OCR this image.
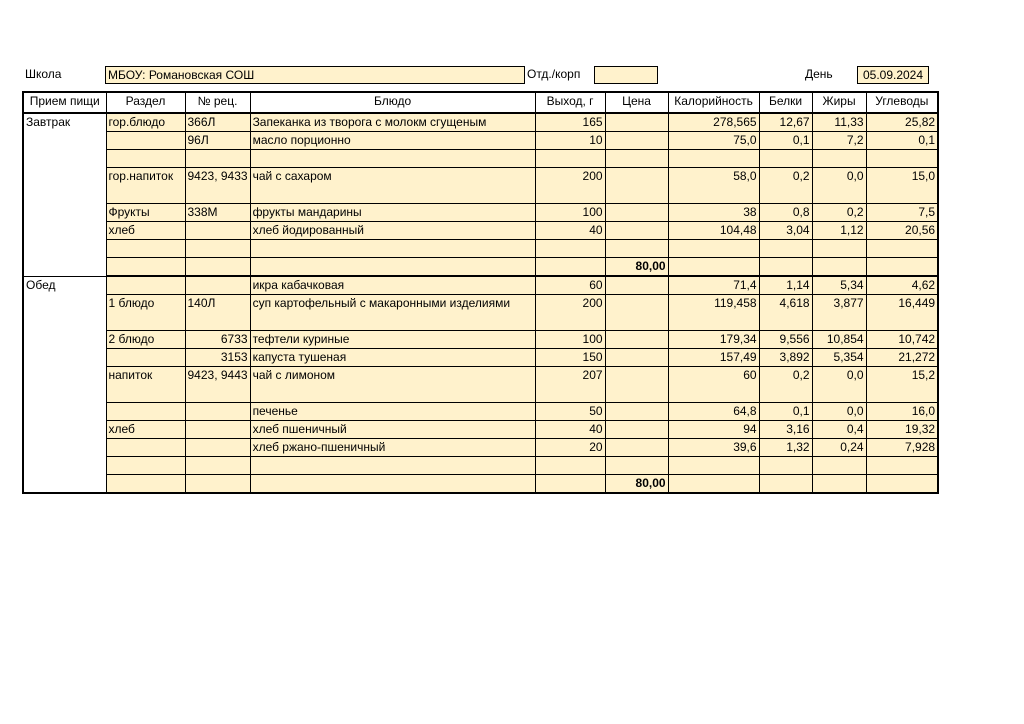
Школа	МБОУ: Романовская СОШ	Отд./корп	День	05.09.2024
Прием пищи	Раздел	№ рец.	Блюдо	Выход, г	Цена	Калорийность	Белки	Жиры	Углеводы
Завтрак	гор.блюдо	366Л	Запеканка из творога с молокм сгущеным	165		278,565	12,67	11,33	25,82
		96Л	масло порционно	10		75,0	0,1	7,2	0,1

	гор.напиток	9423, 9433	чай с сахаром	200		58,0	0,2	0,0	15,0
	Фрукты	338М	фрукты мандарины	100		38	0,8	0,2	7,5
	хлеб		хлеб йодированный	40		104,48	3,04	1,12	20,56

					80,00				
Обед			икра кабачковая	60		71,4	1,14	5,34	4,62
	1 блюдо	140Л	суп картофельный с макаронными изделиями	200		119,458	4,618	3,877	16,449
	2 блюдо	6733	тефтели куриные	100		179,34	9,556	10,854	10,742
		3153	капуста тушеная	150		157,49	3,892	5,354	21,272
	напиток	9423, 9443	чай с лимоном	207		60	0,2	0,0	15,2
			печенье	50		64,8	0,1	0,0	16,0
	хлеб		хлеб пшеничный	40		94	3,16	0,4	19,32
			хлеб ржано-пшеничный	20		39,6	1,32	0,24	7,928

					80,00				
